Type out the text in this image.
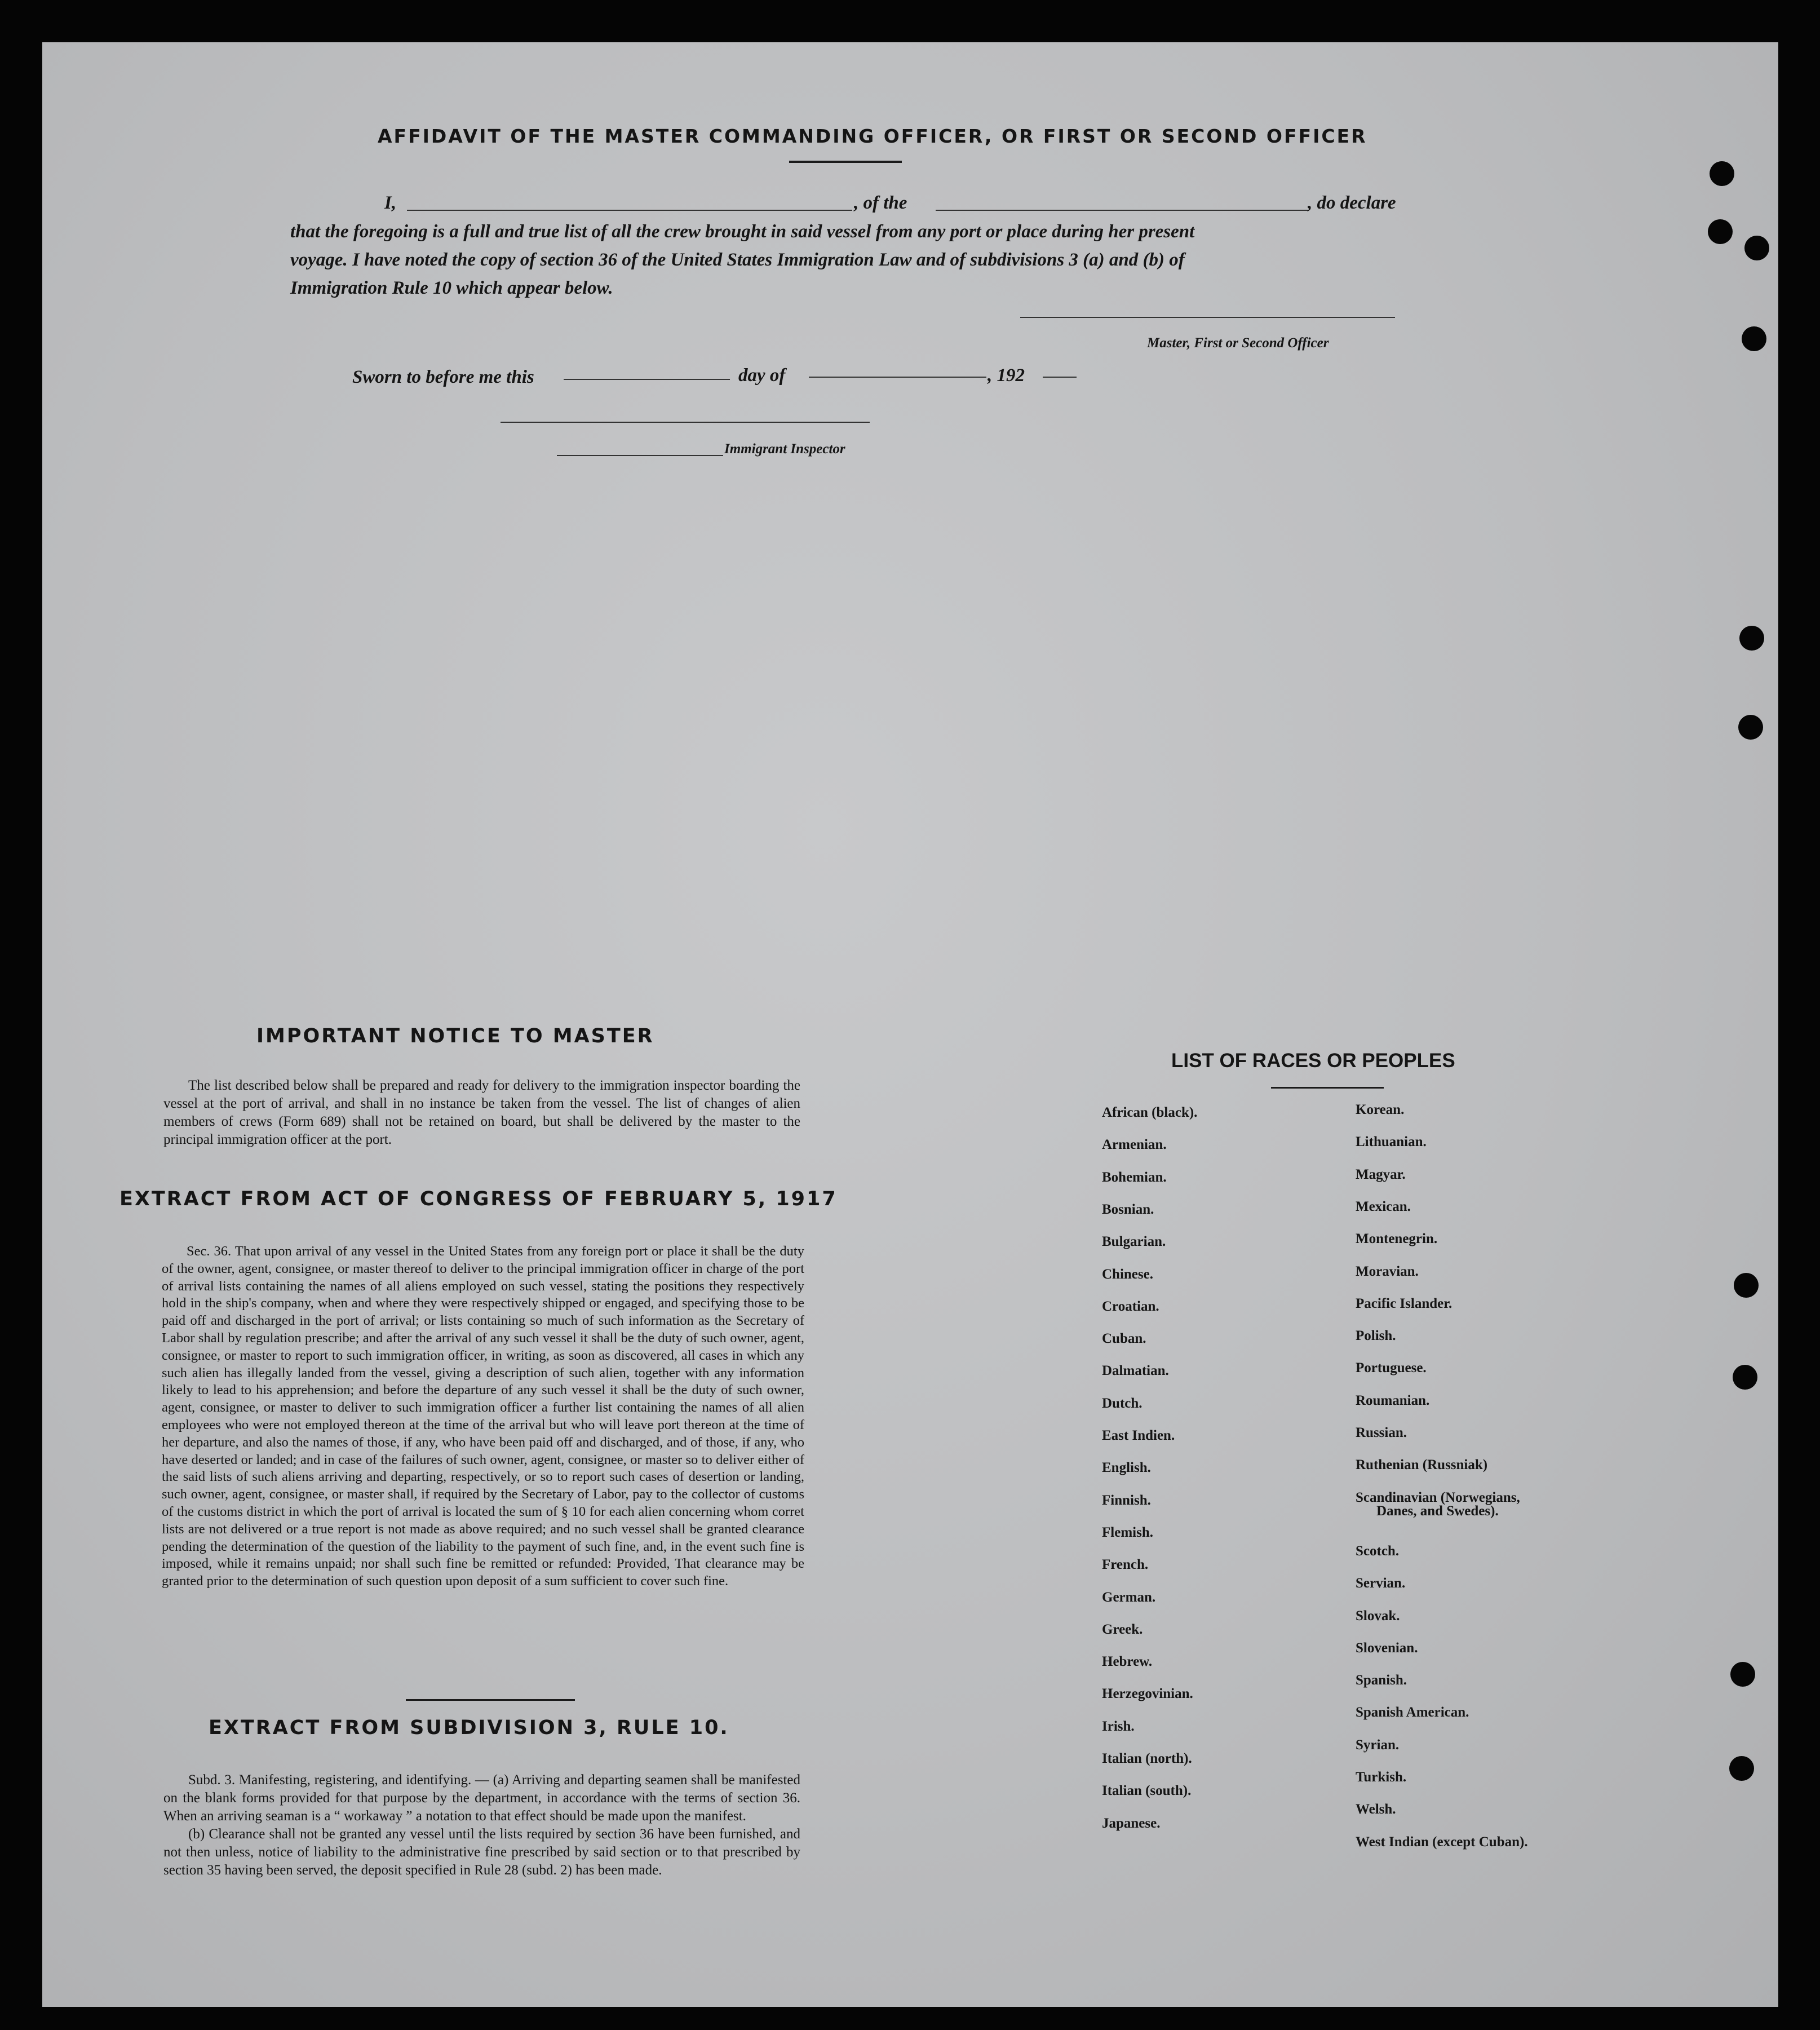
AFFIDAVIT OF THE MASTER COMMANDING OFFICER, OR FIRST OR SECOND OFFICER
I,	, of the	, do declare
that the foregoing is a full and true list of all the crew brought in said vessel from any port or place during her present
voyage. I have noted the copy of section 36 of the United States Immigration Law and of subdivisions 3 (a) and (b) of
Immigration Rule 10 which appear below.
Master, First or Second Officer
Sworn to before me this	day of	, 192
Immigrant Inspector
IMPORTANT NOTICE TO MASTER

The list described below shall be prepared and ready for delivery to the immigration inspector boarding the vessel at the port of arrival, and shall in no instance be taken from the vessel. The list of changes of alien members of crews (Form 689) shall not be retained on board, but shall be delivered by the master to the principal immigration officer at the port.

EXTRACT FROM ACT OF CONGRESS OF FEBRUARY 5, 1917

Sec. 36. That upon arrival of any vessel in the United States from any foreign port or place it shall be the duty of the owner, agent, consignee, or master thereof to deliver to the principal immigration officer in charge of the port of arrival lists containing the names of all aliens employed on such vessel, stating the positions they respectively hold in the ship's company, when and where they were respectively shipped or engaged, and specifying those to be paid off and discharged in the port of arrival; or lists containing so much of such information as the Secretary of Labor shall by regulation prescribe; and after the arrival of any such vessel it shall be the duty of such owner, agent, consignee, or master to report to such immigration officer, in writing, as soon as discovered, all cases in which any such alien has illegally landed from the vessel, giving a description of such alien, together with any information likely to lead to his apprehension; and before the departure of any such vessel it shall be the duty of such owner, agent, consignee, or master to deliver to such immigration officer a further list containing the names of all alien employees who were not employed thereon at the time of the arrival but who will leave port thereon at the time of her departure, and also the names of those, if any, who have been paid off and discharged, and of those, if any, who have deserted or landed; and in case of the failures of such owner, agent, consignee, or master so to deliver either of the said lists of such aliens arriving and departing, respectively, or so to report such cases of desertion or landing, such owner, agent, consignee, or master shall, if required by the Secretary of Labor, pay to the collector of customs of the customs district in which the port of arrival is located the sum of § 10 for each alien concerning whom corret lists are not delivered or a true report is not made as above required; and no such vessel shall be granted clearance pending the determination of the question of the liability to the payment of such fine, and, in the event such fine is imposed, while it remains unpaid; nor shall such fine be remitted or refunded: Provided, That clearance may be granted prior to the determination of such question upon deposit of a sum sufficient to cover such fine.

EXTRACT FROM SUBDIVISION 3, RULE 10.

Subd. 3. Manifesting, registering, and identifying. — (a) Arriving and departing seamen shall be manifested on the blank forms provided for that purpose by the department, in accordance with the terms of section 36. When an arriving seaman is a “ workaway ” a notation to that effect should be made upon the manifest.

(b) Clearance shall not be granted any vessel until the lists required by section 36 have been furnished, and not then unless, notice of liability to the administrative fine prescribed by said section or to that prescribed by section 35 having been served, the deposit specified in Rule 28 (subd. 2) has been made.

LIST OF RACES OR PEOPLES
African (black).
Armenian.
Bohemian.
Bosnian.
Bulgarian.
Chinese.
Croatian.
Cuban.
Dalmatian.
Dutch.
East Indien.
English.
Finnish.
Flemish.
French.
German.
Greek.
Hebrew.
Herzegovinian.
Irish.
Italian (north).
Italian (south).
Japanese.
Korean.
Lithuanian.
Magyar.
Mexican.
Montenegrin.
Moravian.
Pacific Islander.
Polish.
Portuguese.
Roumanian.
Russian.
Ruthenian (Russniak)
Scandinavian (Norwegians,
Scotch.
Servian.
Slovak.
Slovenian.
Spanish.
Spanish American.
Syrian.
Turkish.
Welsh.
West Indian (except Cuban).
Danes, and Swedes).
